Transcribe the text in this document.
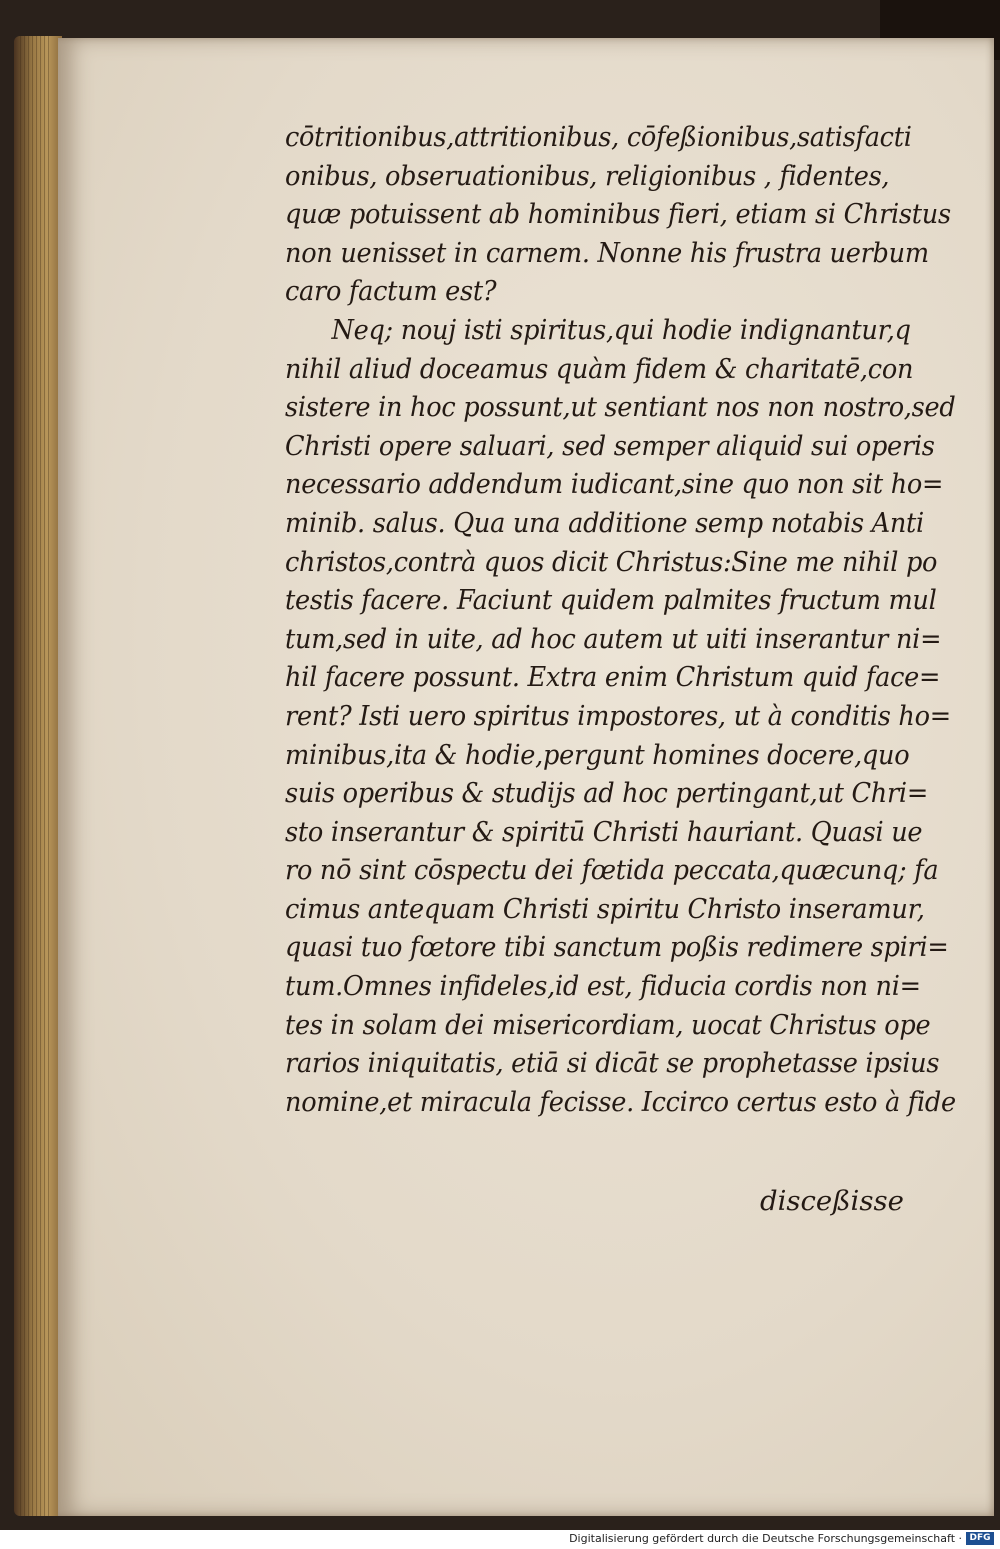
cōtritionibus,attritionibus, cōfeßionibus,satisfacti
onibus, obseruationibus, religionibus , fidentes,
quæ potuissent ab hominibus fieri, etiam si Christus
non uenisset in carnem. Nonne his frustra uerbum
caro factum est?
Neq; nouj isti spiritus,qui hodie indignantur,q
nihil aliud doceamus quàm fidem & charitatē,con
sistere in hoc possunt,ut sentiant nos non nostro,sed
Christi opere saluari, sed semper aliquid sui operis
necessario addendum iudicant,sine quo non sit ho=
minib. salus. Qua una additione semp notabis Anti
christos,contrà quos dicit Christus:Sine me nihil po
testis facere. Faciunt quidem palmites fructum mul
tum,sed in uite, ad hoc autem ut uiti inserantur ni=
hil facere possunt. Extra enim Christum quid face=
rent? Isti uero spiritus impostores, ut à conditis ho=
minibus,ita & hodie,pergunt homines docere,quo
suis operibus & studijs ad hoc pertingant,ut Chri=
sto inserantur & spiritū Christi hauriant. Quasi ue
ro nō sint cōspectu dei fœtida peccata,quæcunq; fa
cimus antequam Christi spiritu Christo inseramur,
quasi tuo fœtore tibi sanctum poßis redimere spiri=
tum.Omnes infideles,id est, fiducia cordis non ni=
tes in solam dei misericordiam, uocat Christus ope
rarios iniquitatis, etiā si dicāt se prophetasse ipsius
nomine,et miracula fecisse. Iccirco certus esto à fide
disceßisse
Digitalisierung gefördert durch die Deutsche Forschungsgemeinschaft · DFG
